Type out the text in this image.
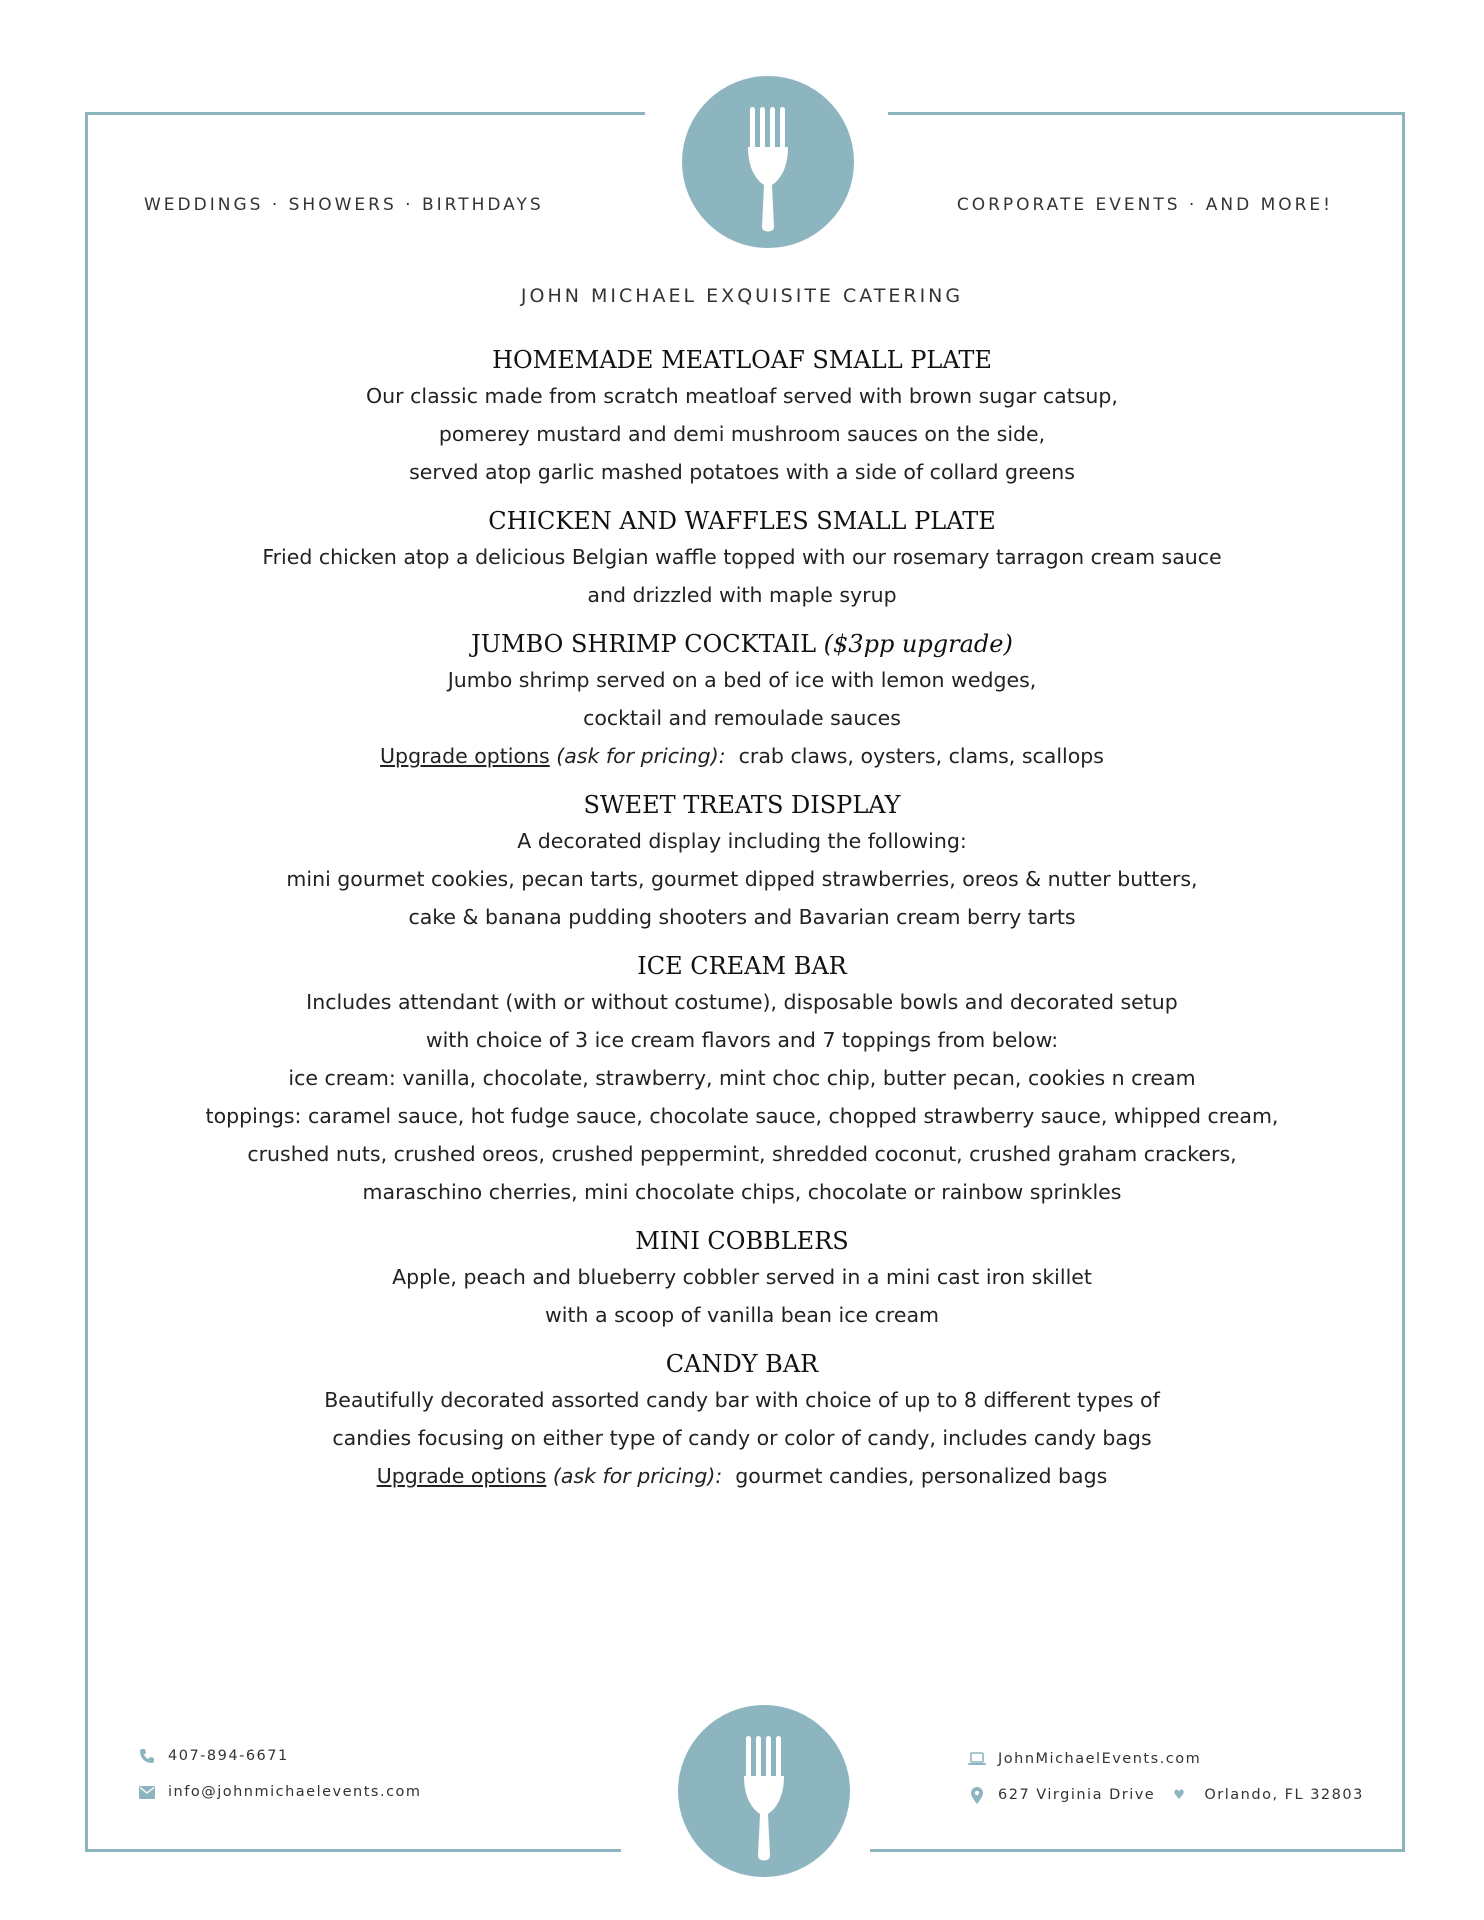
WEDDINGS · SHOWERS · BIRTHDAYS	CORPORATE EVENTS · AND MORE!
JOHN MICHAEL EXQUISITE CATERING

HOMEMADE MEATLOAF SMALL PLATE

Our classic made from scratch meatloaf served with brown sugar catsup,

pomerey mustard and demi mushroom sauces on the side,

served atop garlic mashed potatoes with a side of collard greens

CHICKEN AND WAFFLES SMALL PLATE

Fried chicken atop a delicious Belgian waffle topped with our rosemary tarragon cream sauce

and drizzled with maple syrup

JUMBO SHRIMP COCKTAIL ($3pp upgrade)

Jumbo shrimp served on a bed of ice with lemon wedges,

cocktail and remoulade sauces

Upgrade options (ask for pricing): crab claws, oysters, clams, scallops

SWEET TREATS DISPLAY

A decorated display including the following:

mini gourmet cookies, pecan tarts, gourmet dipped strawberries, oreos & nutter butters,

cake & banana pudding shooters and Bavarian cream berry tarts

ICE CREAM BAR

Includes attendant (with or without costume), disposable bowls and decorated setup

with choice of 3 ice cream flavors and 7 toppings from below:

ice cream: vanilla, chocolate, strawberry, mint choc chip, butter pecan, cookies n cream

toppings: caramel sauce, hot fudge sauce, chocolate sauce, chopped strawberry sauce, whipped cream,

crushed nuts, crushed oreos, crushed peppermint, shredded coconut, crushed graham crackers,

maraschino cherries, mini chocolate chips, chocolate or rainbow sprinkles

MINI COBBLERS

Apple, peach and blueberry cobbler served in a mini cast iron skillet

with a scoop of vanilla bean ice cream

CANDY BAR

Beautifully decorated assorted candy bar with choice of up to 8 different types of

candies focusing on either type of candy or color of candy, includes candy bags

Upgrade options (ask for pricing): gourmet candies, personalized bags

407-894-6671
info@johnmichaelevents.com
JohnMichaelEvents.com
627 Virginia Drive ♥ Orlando, FL 32803
